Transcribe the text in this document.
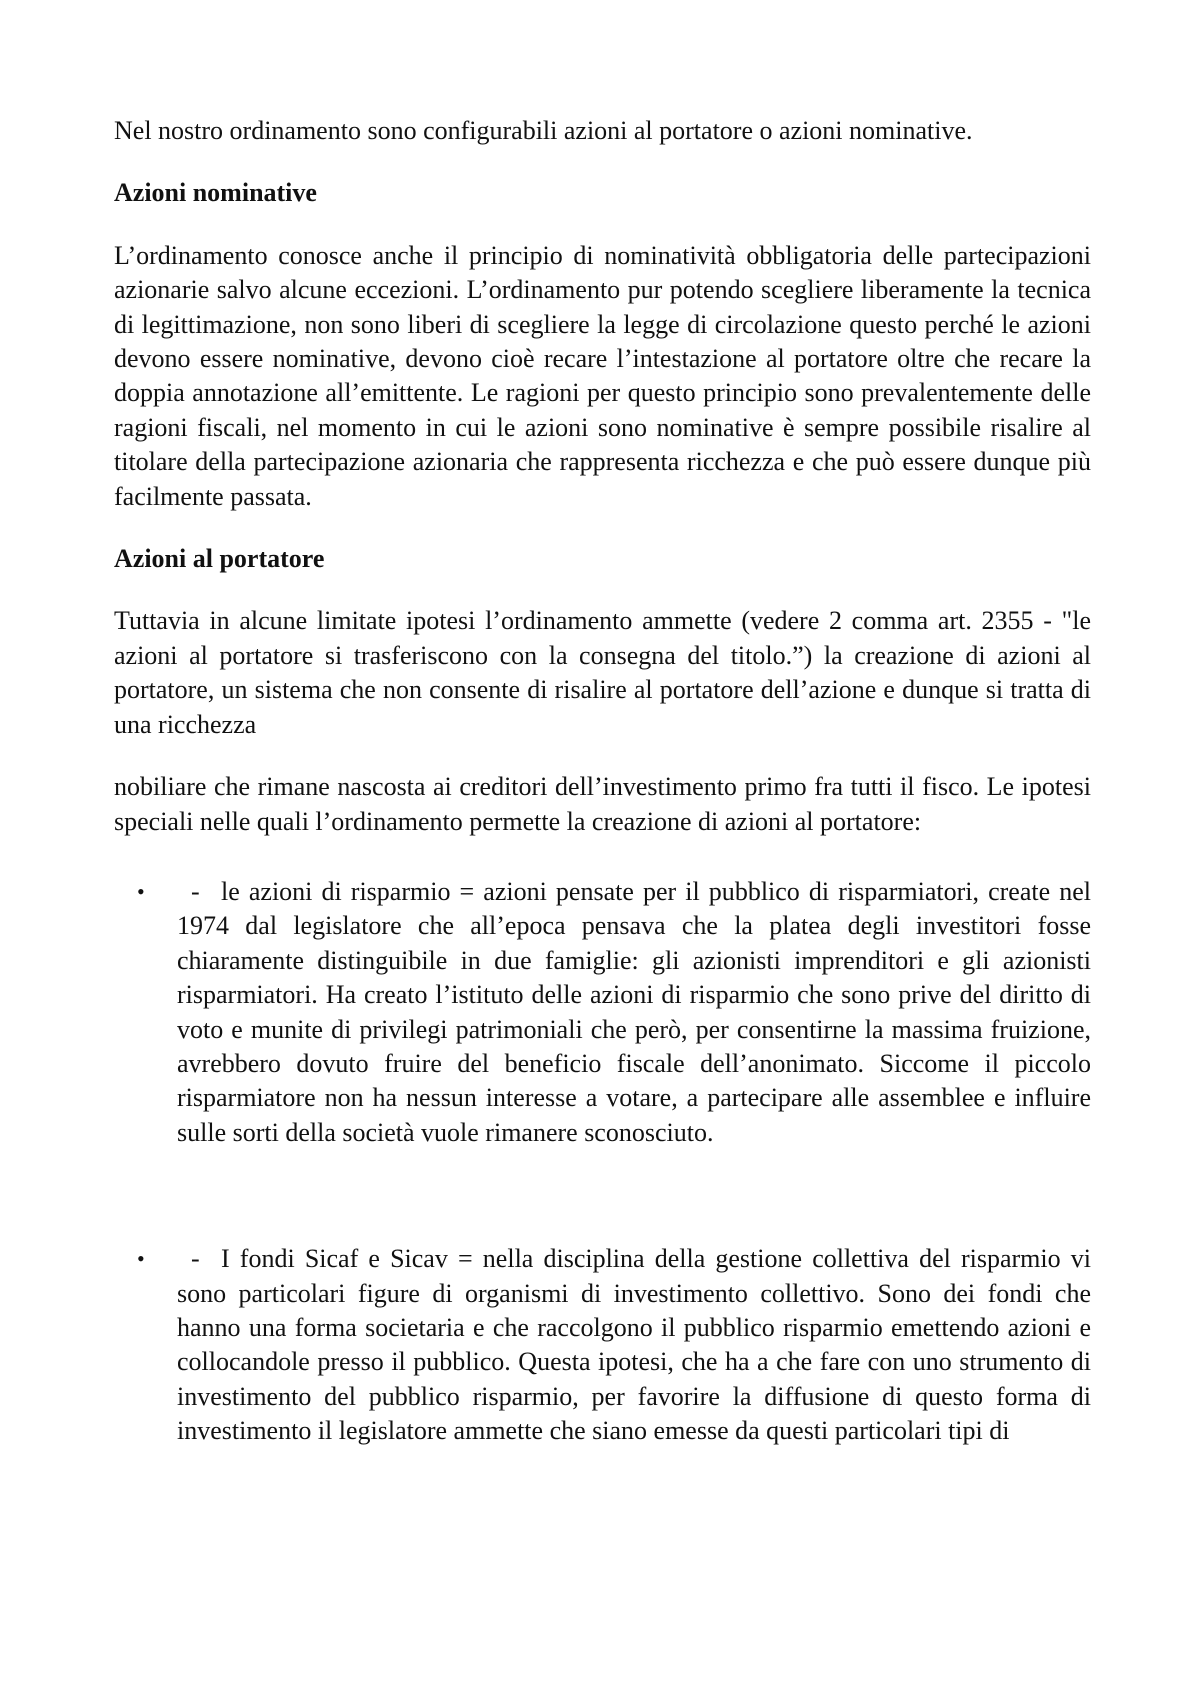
Nel nostro ordinamento sono configurabili azioni al portatore o azioni nominative.

Azioni nominative

L’ordinamento conosce anche il principio di nominatività obbligatoria delle partecipazioni azionarie salvo alcune eccezioni. L’ordinamento pur potendo scegliere liberamente la tecnica di legittimazione, non sono liberi di scegliere la legge di circolazione questo perché le azioni devono essere nominative, devono cioè recare l’intestazione al portatore oltre che recare la doppia annotazione all’emittente. Le ragioni per questo principio sono prevalentemente delle ragioni fiscali, nel momento in cui le azioni sono nominative è sempre possibile risalire al titolare della partecipazione azionaria che rappresenta ricchezza e che può essere dunque più facilmente passata.

Azioni al portatore

Tuttavia in alcune limitate ipotesi l’ordinamento ammette (vedere 2 comma art. 2355 - "le azioni al portatore si trasferiscono con la consegna del titolo.”) la creazione di azioni al portatore, un sistema che non consente di risalire al portatore dell’azione e dunque si tratta di una ricchezza

nobiliare che rimane nascosta ai creditori dell’investimento primo fra tutti il fisco. Le ipotesi speciali nelle quali l’ordinamento permette la creazione di azioni al portatore:

•	- le azioni di risparmio = azioni pensate per il pubblico di risparmiatori, create nel 1974 dal legislatore che all’epoca pensava che la platea degli investitori fosse chiaramente distinguibile in due famiglie: gli azionisti imprenditori e gli azionisti risparmiatori. Ha creato l’istituto delle azioni di risparmio che sono prive del diritto di voto e munite di privilegi patrimoniali che però, per consentirne la massima fruizione, avrebbero dovuto fruire del beneficio fiscale dell’anonimato. Siccome il piccolo risparmiatore non ha nessun interesse a votare, a partecipare alle assemblee e influire sulle sorti della società vuole rimanere sconosciuto.

•	- I fondi Sicaf e Sicav = nella disciplina della gestione collettiva del risparmio vi sono particolari figure di organismi di investimento collettivo. Sono dei fondi che hanno una forma societaria e che raccolgono il pubblico risparmio emettendo azioni e collocandole presso il pubblico. Questa ipotesi, che ha a che fare con uno strumento di investimento del pubblico risparmio, per favorire la diffusione di questo forma di investimento il legislatore ammette che siano emesse da questi particolari tipi di
